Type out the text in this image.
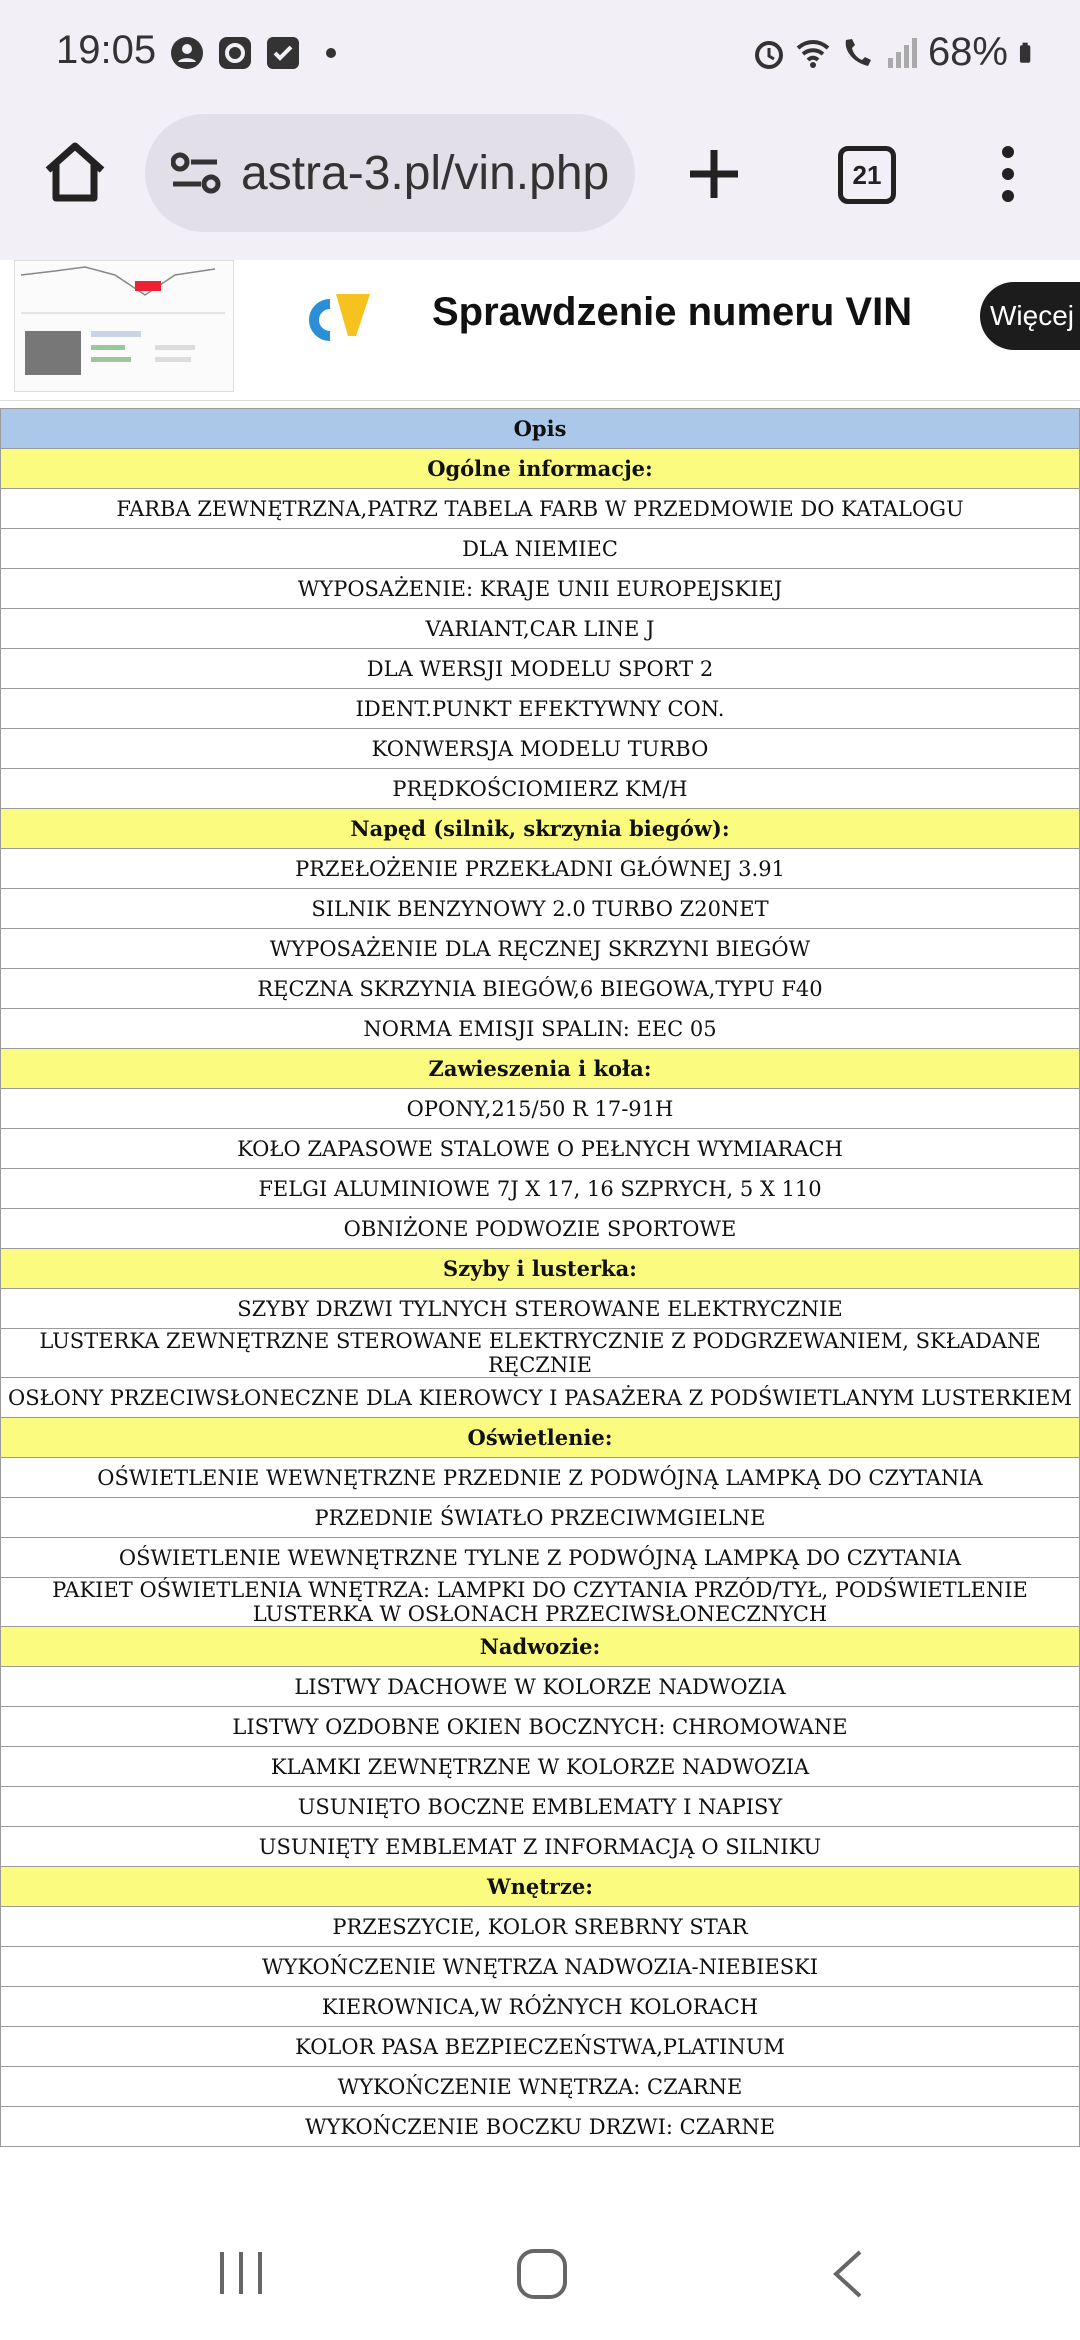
19:05	68%
astra-3.pl/vin.php	21
Sprawdzenie numeru VIN	Więcej
Opis
Ogólne informacje:
FARBA ZEWNĘTRZNA,PATRZ TABELA FARB W PRZEDMOWIE DO KATALOGU
DLA NIEMIEC
WYPOSAŻENIE: KRAJE UNII EUROPEJSKIEJ
VARIANT,CAR LINE J
DLA WERSJI MODELU SPORT 2
IDENT.PUNKT EFEKTYWNY CON.
KONWERSJA MODELU TURBO
PRĘDKOŚCIOMIERZ KM/H
Napęd (silnik, skrzynia biegów):
PRZEŁOŻENIE PRZEKŁADNI GŁÓWNEJ 3.91
SILNIK BENZYNOWY 2.0 TURBO Z20NET
WYPOSAŻENIE DLA RĘCZNEJ SKRZYNI BIEGÓW
RĘCZNA SKRZYNIA BIEGÓW,6 BIEGOWA,TYPU F40
NORMA EMISJI SPALIN: EEC 05
Zawieszenia i koła:
OPONY,215/50 R 17-91H
KOŁO ZAPASOWE STALOWE O PEŁNYCH WYMIARACH
FELGI ALUMINIOWE 7J X 17, 16 SZPRYCH, 5 X 110
OBNIŻONE PODWOZIE SPORTOWE
Szyby i lusterka:
SZYBY DRZWI TYLNYCH STEROWANE ELEKTRYCZNIE
LUSTERKA ZEWNĘTRZNE STEROWANE ELEKTRYCZNIE Z PODGRZEWANIEM, SKŁADANE RĘCZNIE
OSŁONY PRZECIWSŁONECZNE DLA KIEROWCY I PASAŻERA Z PODŚWIETLANYM LUSTERKIEM
Oświetlenie:
OŚWIETLENIE WEWNĘTRZNE PRZEDNIE Z PODWÓJNĄ LAMPKĄ DO CZYTANIA
PRZEDNIE ŚWIATŁO PRZECIWMGIELNE
OŚWIETLENIE WEWNĘTRZNE TYLNE Z PODWÓJNĄ LAMPKĄ DO CZYTANIA
PAKIET OŚWIETLENIA WNĘTRZA: LAMPKI DO CZYTANIA PRZÓD/TYŁ, PODŚWIETLENIE LUSTERKA W OSŁONACH PRZECIWSŁONECZNYCH
Nadwozie:
LISTWY DACHOWE W KOLORZE NADWOZIA
LISTWY OZDOBNE OKIEN BOCZNYCH: CHROMOWANE
KLAMKI ZEWNĘTRZNE W KOLORZE NADWOZIA
USUNIĘTO BOCZNE EMBLEMATY I NAPISY
USUNIĘTY EMBLEMAT Z INFORMACJĄ O SILNIKU
Wnętrze:
PRZESZYCIE, KOLOR SREBRNY STAR
WYKOŃCZENIE WNĘTRZA NADWOZIA-NIEBIESKI
KIEROWNICA,W RÓŻNYCH KOLORACH
KOLOR PASA BEZPIECZEŃSTWA,PLATINUM
WYKOŃCZENIE WNĘTRZA: CZARNE
WYKOŃCZENIE BOCZKU DRZWI: CZARNE
